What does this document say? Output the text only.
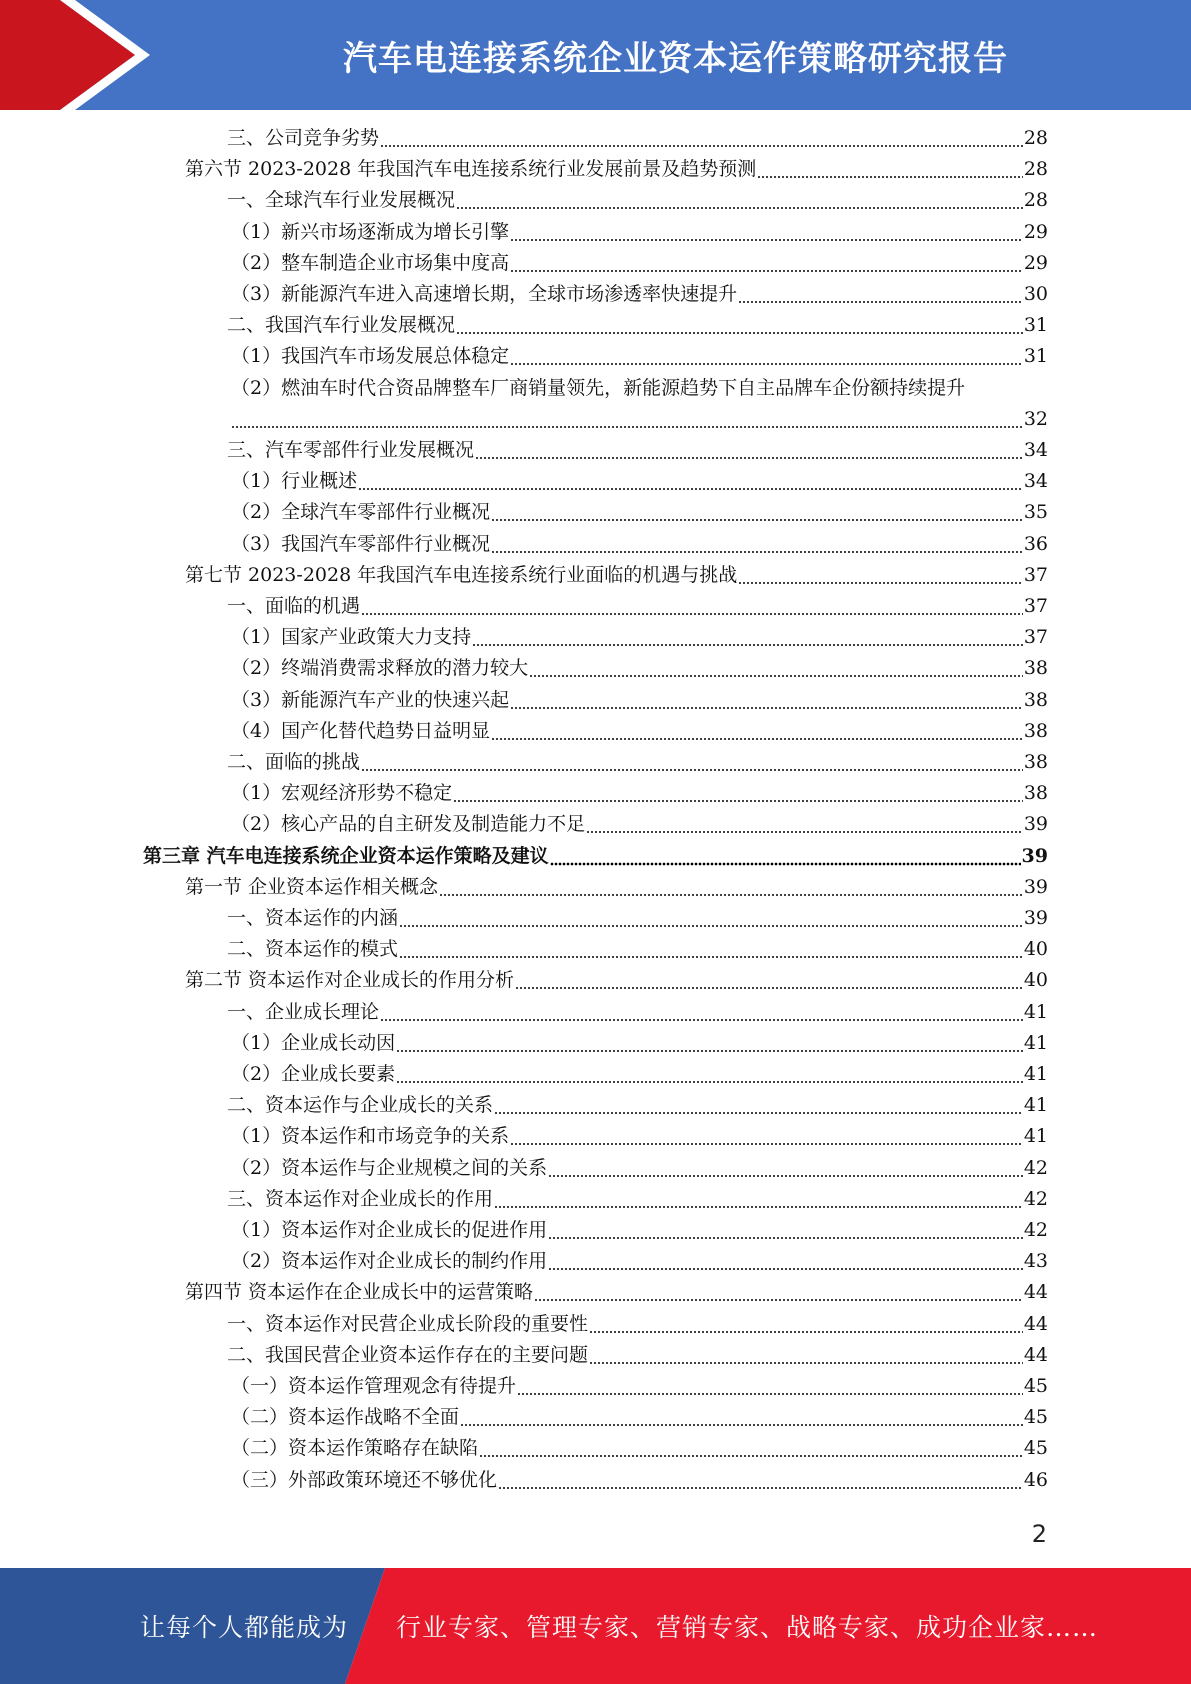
汽车电连接系统企业资本运作策略研究报告
三、公司竞争劣势	28
第六节 2023-2028 年我国汽车电连接系统行业发展前景及趋势预测	28
一、全球汽车行业发展概况	28
（1）新兴市场逐渐成为增长引擎	29
（2）整车制造企业市场集中度高	29
（3）新能源汽车进入高速增长期，全球市场渗透率快速提升	30
二、我国汽车行业发展概况	31
（1）我国汽车市场发展总体稳定	31
（2）燃油车时代合资品牌整车厂商销量领先，新能源趋势下自主品牌车企份额持续提升
32
三、汽车零部件行业发展概况	34
（1）行业概述	34
（2）全球汽车零部件行业概况	35
（3）我国汽车零部件行业概况	36
第七节 2023-2028 年我国汽车电连接系统行业面临的机遇与挑战	37
一、面临的机遇	37
（1）国家产业政策大力支持	37
（2）终端消费需求释放的潜力较大	38
（3）新能源汽车产业的快速兴起	38
（4）国产化替代趋势日益明显	38
二、面临的挑战	38
（1）宏观经济形势不稳定	38
（2）核心产品的自主研发及制造能力不足	39
第三章 汽车电连接系统企业资本运作策略及建议	39
第一节 企业资本运作相关概念	39
一、资本运作的内涵	39
二、资本运作的模式	40
第二节 资本运作对企业成长的作用分析	40
一、企业成长理论	41
（1）企业成长动因	41
（2）企业成长要素	41
二、资本运作与企业成长的关系	41
（1）资本运作和市场竞争的关系	41
（2）资本运作与企业规模之间的关系	42
三、资本运作对企业成长的作用	42
（1）资本运作对企业成长的促进作用	42
（2）资本运作对企业成长的制约作用	43
第四节 资本运作在企业成长中的运营策略	44
一、资本运作对民营企业成长阶段的重要性	44
二、我国民营企业资本运作存在的主要问题	44
（一）资本运作管理观念有待提升	45
（二）资本运作战略不全面	45
（二）资本运作策略存在缺陷	45
（三）外部政策环境还不够优化	46
2
让每个人都能成为 行业专家、管理专家、营销专家、战略专家、成功企业家……
